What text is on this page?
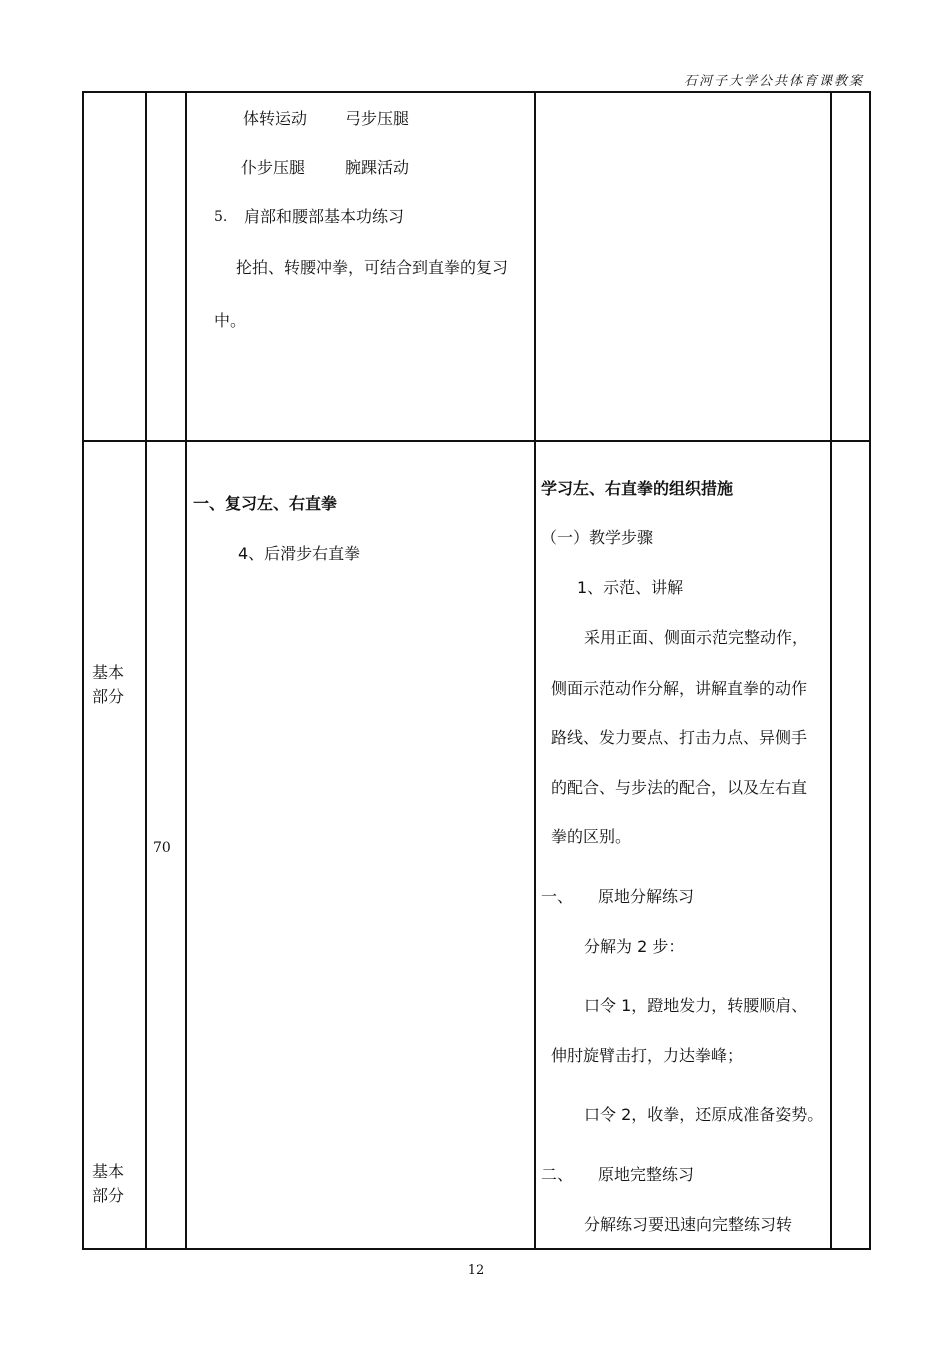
石河子大学公共体育课教案
体转运动 弓步压腿
仆步压腿 腕踝活动
5. 肩部和腰部基本功练习
抡拍、转腰冲拳，可结合到直拳的复习
中。
基本
部分
基本
部分
70
一、复习左、右直拳
4、后滑步右直拳
学习左、右直拳的组织措施
（一）教学步骤
1、示范、讲解
采用正面、侧面示范完整动作，
侧面示范动作分解，讲解直拳的动作
路线、发力要点、打击力点、异侧手
的配合、与步法的配合，以及左右直
拳的区别。
一、 原地分解练习
分解为 2 步：
口令 1，蹬地发力，转腰顺肩、
伸肘旋臂击打，力达拳峰；
口令 2，收拳，还原成准备姿势。
二、 原地完整练习
分解练习要迅速向完整练习转
12
